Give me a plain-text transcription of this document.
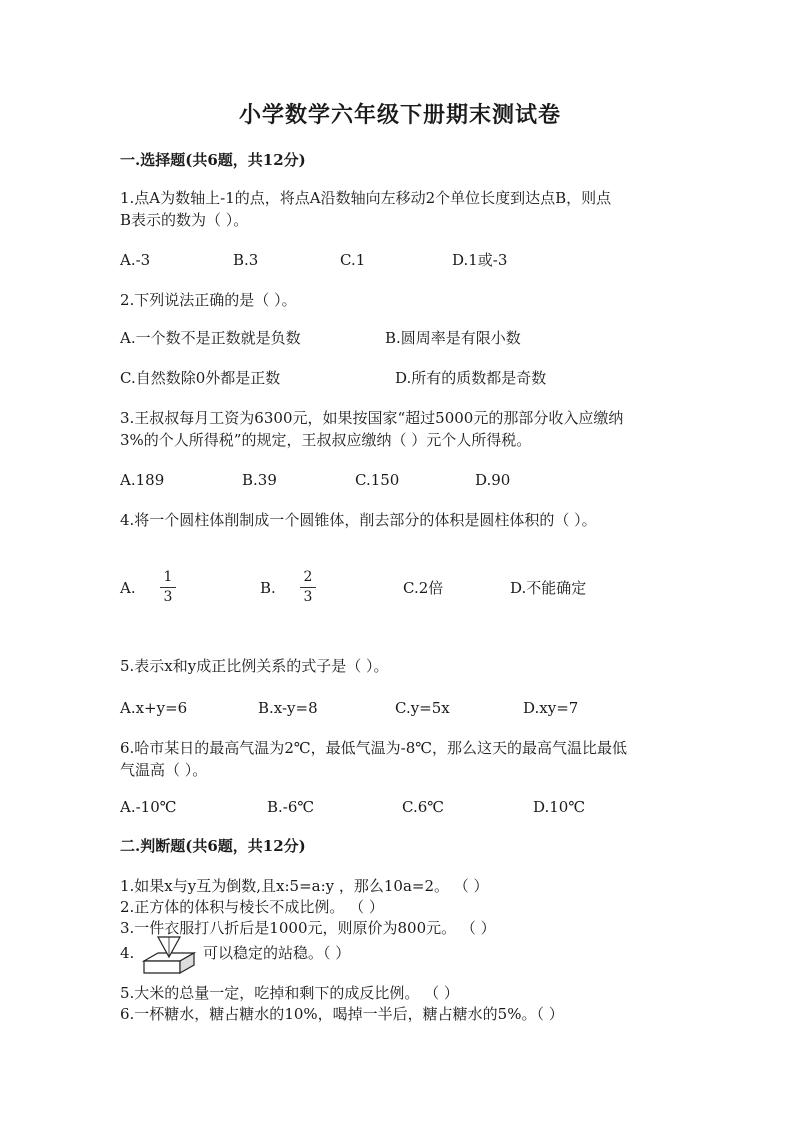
小学数学六年级下册期末测试卷
一.选择题(共6题，共12分)
1.点A为数轴上-1的点，将点A沿数轴向左移动2个单位长度到达点B，则点
B表示的数为（ ）。
A.-3	B.3	C.1	D.1或-3
2.下列说法正确的是（ ）。
A.一个数不是正数就是负数	B.圆周率是有限小数
C.自然数除0外都是正数	D.所有的质数都是奇数
3.王叔叔每月工资为6300元，如果按国家“超过5000元的那部分收入应缴纳
3%的个人所得税”的规定，王叔叔应缴纳（ ）元个人所得税。
A.189	B.39	C.150	D.90
4.将一个圆柱体削制成一个圆锥体，削去部分的体积是圆柱体积的（ ）。
A.
1
3	B.
2
3	C.2倍	D.不能确定
5.表示x和y成正比例关系的式子是（ ）。
A.x+y=6	B.x-y=8	C.y=5x	D.xy=7
6.哈市某日的最高气温为2℃，最低气温为-8℃，那么这天的最高气温比最低
气温高（ ）。
A.-10℃	B.-6℃	C.6℃	D.10℃
二.判断题(共6题，共12分)
1.如果x与y互为倒数,且x:5=a:y ，那么10a=2。 （ ）
2.正方体的体积与棱长不成比例。 （ ）
3.一件衣服打八折后是1000元，则原价为800元。 （ ）
4.	可以稳定的站稳。（ ）
5.大米的总量一定，吃掉和剩下的成反比例。 （ ）
6.一杯糖水，糖占糖水的10%，喝掉一半后，糖占糖水的5%。（ ）
